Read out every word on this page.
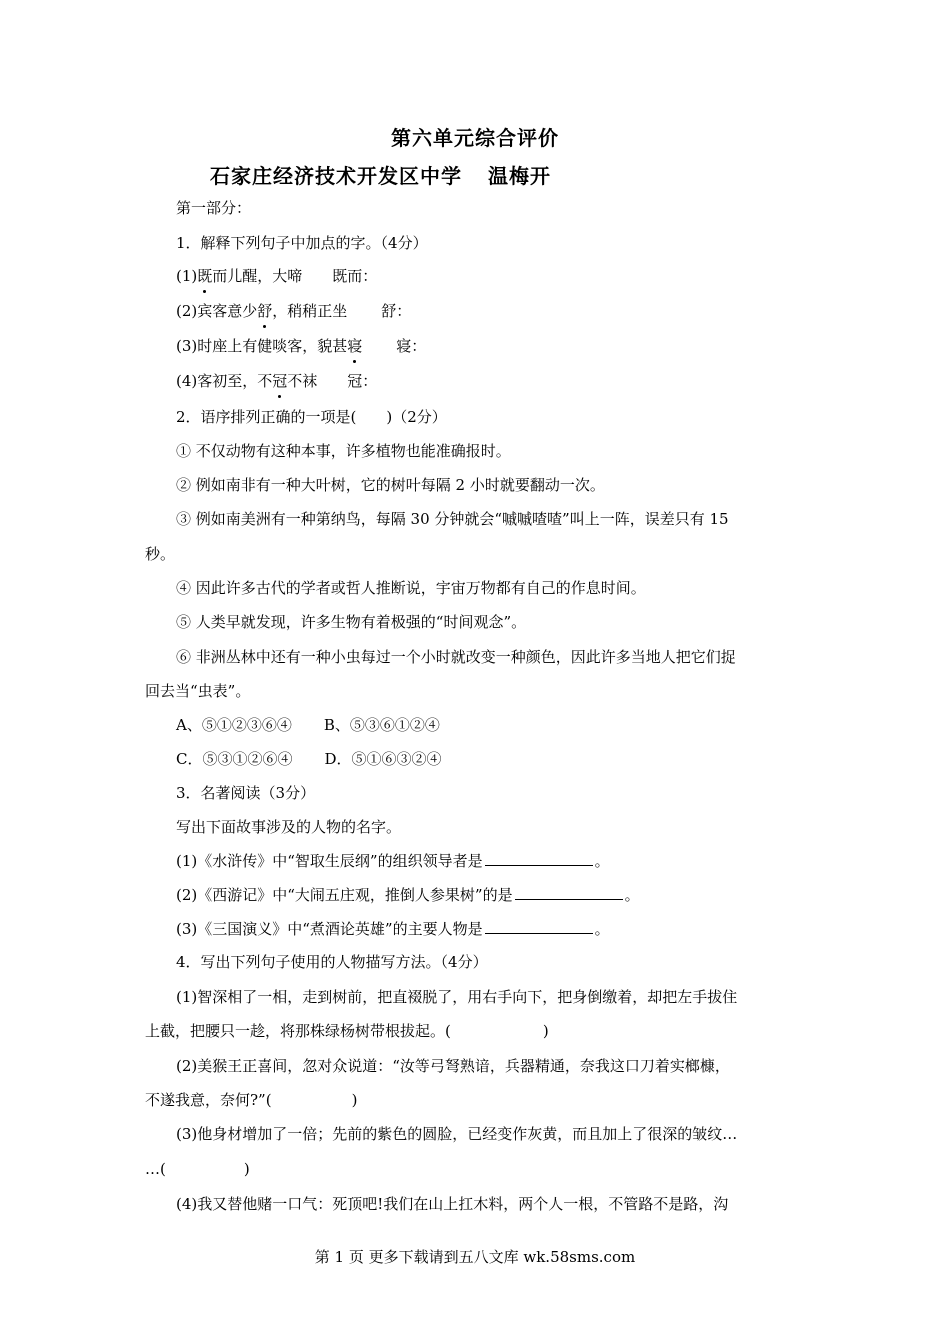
第六单元综合评价
石家庄经济技术开发区中学 温梅开
第一部分：
1．解释下列句子中加点的字。（4分）
(1)既而儿醒，大啼 既而：
(2)宾客意少舒，稍稍正坐 舒：
(3)时座上有健啖客，貌甚寝 寝：
(4)客初至，不冠不袜 冠：
2．语序排列正确的一项是( )（2分）
① 不仅动物有这种本事，许多植物也能准确报时。
② 例如南非有一种大叶树，它的树叶每隔 2 小时就要翻动一次。
③ 例如南美洲有一种第纳鸟，每隔 30 分钟就会“嘁嘁喳喳”叫上一阵，误差只有 15
秒。
④ 因此许多古代的学者或哲人推断说，宇宙万物都有自己的作息时间。
⑤ 人类早就发现，许多生物有着极强的“时间观念”。
⑥ 非洲丛林中还有一种小虫每过一个小时就改变一种颜色，因此许多当地人把它们捉
回去当“虫表”。
A、⑤①②③⑥④ B、⑤③⑥①②④
C．⑤③①②⑥④ D．⑤①⑥③②④
3．名著阅读（3分）
写出下面故事涉及的人物的名字。
(1)《水浒传》中“智取生辰纲”的组织领导者是	。
(2)《西游记》中“大闹五庄观，推倒人参果树”的是	。
(3)《三国演义》中“煮酒论英雄”的主要人物是	。
4．写出下列句子使用的人物描写方法。（4分）
(1)智深相了一相，走到树前，把直裰脱了，用右手向下，把身倒缴着，却把左手拔住
上截，把腰只一趁，将那株绿杨树带根拔起。(	)
(2)美猴王正喜间，忽对众说道：“汝等弓弩熟谙，兵器精通，奈我这口刀着实榔槺，
不遂我意，奈何?”(	)
(3)他身材增加了一倍；先前的紫色的圆脸，已经变作灰黄，而且加上了很深的皱纹…
…(	)
(4)我又替他赌一口气：死顶吧!我们在山上扛木料，两个人一根，不管路不是路，沟
第 1 页 更多下载请到五八文库 wk.58sms.com
